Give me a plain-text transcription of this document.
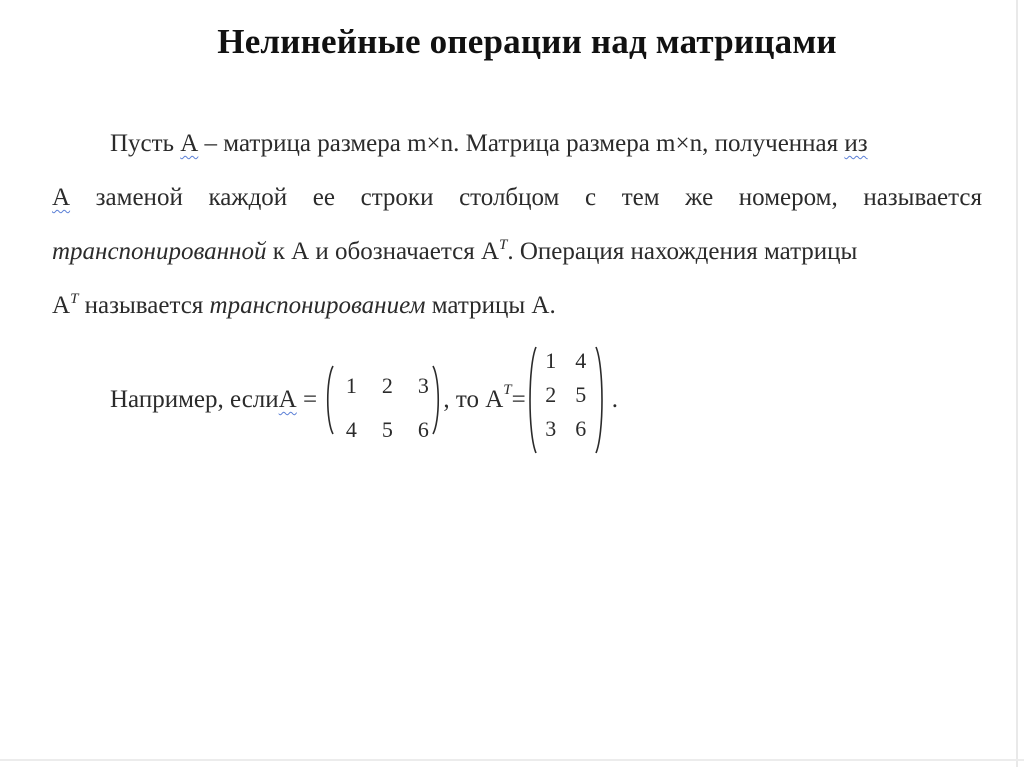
Нелинейные операции над матрицами
Пусть А – матрица размера m×n. Матрица размера m×n, полученная из
А заменой каждой ее строки столбцом с тем же номером, называется
транспонированной к А и обозначается $А^T$. Операция нахождения матрицы
$А^T$ называется транспонированием матрицы А.
Например, если А =
1	2	3
4	5	6
, то А T =
1 4
2 5
3 6
.
